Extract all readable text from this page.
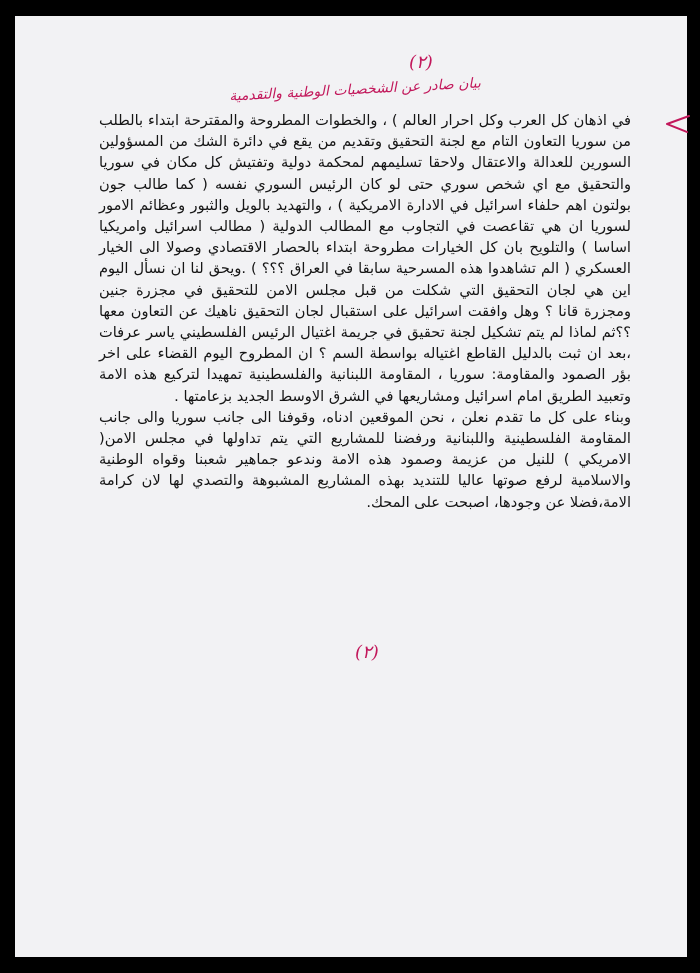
(٢)
بيان صادر عن الشخصيات الوطنية والتقدمية

في اذهان كل العرب وكل احرار العالم ) ، والخطوات المطروحة والمقترحة ابتداء بالطلب من سوريا التعاون التام مع لجنة التحقيق وتقديم من يقع في دائرة الشك من المسؤولين السورين للعدالة والاعتقال ولاحقا تسليمهم لمحكمة دولية وتفتيش كل مكان في سوريا والتحقيق مع اي شخص سوري حتى لو كان الرئيس السوري نفسه ( كما طالب جون بولتون اهم حلفاء اسرائيل في الادارة الامريكية ) ، والتهديد بالويل والثبور وعظائم الامور لسوريا ان هي تقاعصت في التجاوب مع المطالب الدولية ( مطالب اسرائيل وامريكيا اساسا ) والتلويح بان كل الخيارات مطروحة ابتداء بالحصار الاقتصادي وصولا الى الخيار العسكري ( الم تشاهدوا هذه المسرحية سابقا في العراق ؟؟؟ ) .ويحق لنا ان نسأل اليوم اين هي لجان التحقيق التي شكلت من قبل مجلس الامن للتحقيق في مجزرة جنين ومجزرة قانا ؟ وهل وافقت اسرائيل على استقبال لجان التحقيق ناهيك عن التعاون معها ؟؟ثم لماذا لم يتم تشكيل لجنة تحقيق في جريمة اغتيال الرئيس الفلسطيني ياسر عرفات ،بعد ان ثبت بالدليل القاطع اغتياله بواسطة السم ؟ ان المطروح اليوم القضاء على اخر بؤر الصمود والمقاومة: سوريا ، المقاومة اللبنانية والفلسطينية تمهيدا لتركيع هذه الامة وتعبيد الطريق امام اسرائيل ومشاريعها في الشرق الاوسط الجديد بزعامتها .

وبناء على كل ما تقدم نعلن ، نحن الموقعين ادناه، وقوفنا الى جانب سوريا والى جانب المقاومة الفلسطينية واللبنانية ورفضنا للمشاريع التي يتم تداولها في مجلس الامن( الامريكي ) للنيل من عزيمة وصمود هذه الامة وندعو جماهير شعبنا وقواه الوطنية والاسلامية لرفع صوتها عاليا للتنديد بهذه المشاريع المشبوهة والتصدي لها لان كرامة الامة،فضلا عن وجودها، اصبحت على المحك.

(٢)
